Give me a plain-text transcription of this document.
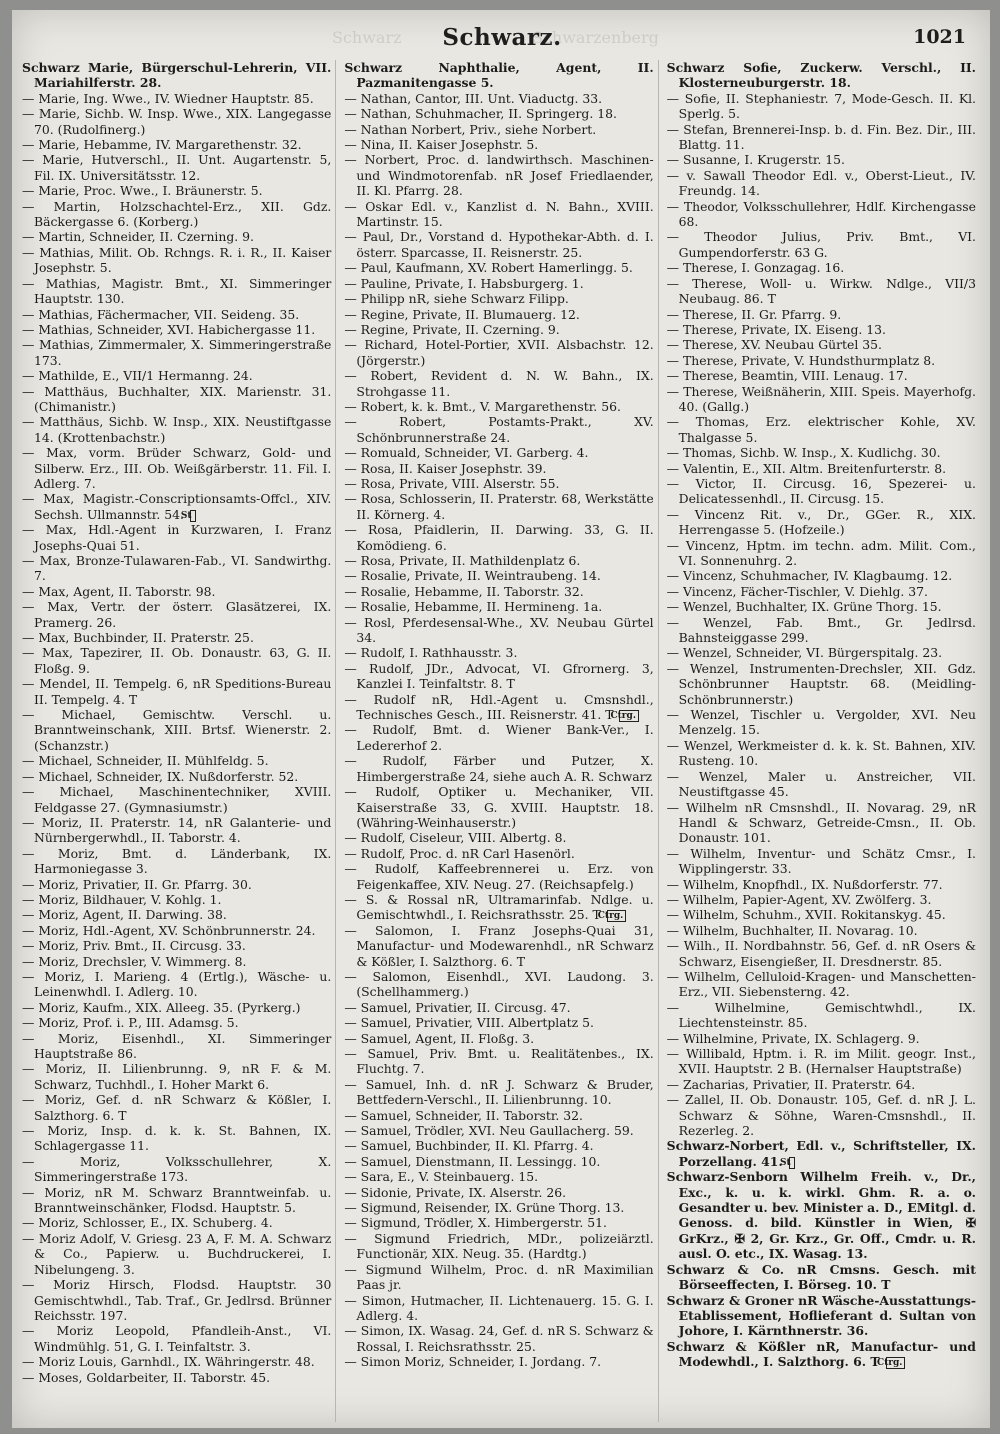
Schwarz	Schwarzenberg
Schwarz.	1021

Schwarz Marie, Bürgerschul-Lehrerin, VII. Mariahilferstr. 28.

— Marie, Ing. Wwe., IV. Wiedner Hauptstr. 85.

— Marie, Sichb. W. Insp. Wwe., XIX. Langegasse 70. (Rudolfinerg.)

— Marie, Hebamme, IV. Margarethenstr. 32.

— Marie, Hutverschl., II. Unt. Augartenstr. 5, Fil. IX. Universitätsstr. 12.

— Marie, Proc. Wwe., I. Bräunerstr. 5.

— Martin, Holzschachtel-Erz., XII. Gdz. Bäckergasse 6. (Korberg.)

— Martin, Schneider, II. Czerning. 9.

— Mathias, Milit. Ob. Rchngs. R. i. R., II. Kaiser Josephstr. 5.

— Mathias, Magistr. Bmt., XI. Simmeringer Hauptstr. 130.

— Mathias, Fächermacher, VII. Seideng. 35.

— Mathias, Schneider, XVI. Habichergasse 11.

— Mathias, Zimmermaler, X. Simmeringerstraße 173.

— Mathilde, E., VII/1 Hermanng. 24.

— Matthäus, Buchhalter, XIX. Marienstr. 31. (Chimanistr.)

— Matthäus, Sichb. W. Insp., XIX. Neustiftgasse 14. (Krottenbachstr.)

— Max, vorm. Brüder Schwarz, Gold- und Silberw. Erz., III. Ob. Weißgärberstr. 11. Fil. I. Adlerg. 7.

— Max, Magistr.-Conscriptionsamts-Offcl., XIV. Sechsh. Ullmannstr. 54. St

— Max, Hdl.-Agent in Kurzwaren, I. Franz Josephs-Quai 51.

— Max, Bronze-Tulawaren-Fab., VI. Sandwirthg. 7.

— Max, Agent, II. Taborstr. 98.

— Max, Vertr. der österr. Glasätzerei, IX. Pramerg. 26.

— Max, Buchbinder, II. Praterstr. 25.

— Max, Tapezirer, II. Ob. Donaustr. 63, G. II. Floßg. 9.

— Mendel, II. Tempelg. 6, nR Speditions-Bureau II. Tempelg. 4. T

— Michael, Gemischtw. Verschl. u. Branntweinschank, XIII. Brtsf. Wienerstr. 2. (Schanzstr.)

— Michael, Schneider, II. Mühlfeldg. 5.

— Michael, Schneider, IX. Nußdorferstr. 52.

— Michael, Maschinentechniker, XVIII. Feldgasse 27. (Gymnasiumstr.)

— Moriz, II. Praterstr. 14, nR Galanterie- und Nürnbergerwhdl., II. Taborstr. 4.

— Moriz, Bmt. d. Länderbank, IX. Harmoniegasse 3.

— Moriz, Privatier, II. Gr. Pfarrg. 30.

— Moriz, Bildhauer, V. Kohlg. 1.

— Moriz, Agent, II. Darwing. 38.

— Moriz, Hdl.-Agent, XV. Schönbrunnerstr. 24.

— Moriz, Priv. Bmt., II. Circusg. 33.

— Moriz, Drechsler, V. Wimmerg. 8.

— Moriz, I. Marieng. 4 (Ertlg.), Wäsche- u. Leinenwhdl. I. Adlerg. 10.

— Moriz, Kaufm., XIX. Alleeg. 35. (Pyrkerg.)

— Moriz, Prof. i. P., III. Adamsg. 5.

— Moriz, Eisenhdl., XI. Simmeringer Hauptstraße 86.

— Moriz, II. Lilienbrunng. 9, nR F. & M. Schwarz, Tuchhdl., I. Hoher Markt 6.

— Moriz, Gef. d. nR Schwarz & Kößler, I. Salzthorg. 6. T

— Moriz, Insp. d. k. k. St. Bahnen, IX. Schlagergasse 11.

— Moriz, Volksschullehrer, X. Simmeringerstraße 173.

— Moriz, nR M. Schwarz Branntweinfab. u. Branntweinschänker, Flodsd. Hauptstr. 5.

— Moriz, Schlosser, E., IX. Schuberg. 4.

— Moriz Adolf, V. Griesg. 23 A, F. M. A. Schwarz & Co., Papierw. u. Buchdruckerei, I. Nibelungeng. 3.

— Moriz Hirsch, Flodsd. Hauptstr. 30 Gemischtwhdl., Tab. Traf., Gr. Jedlrsd. Brünner Reichsstr. 197.

— Moriz Leopold, Pfandleih-Anst., VI. Windmühlg. 51, G. I. Teinfaltstr. 3.

— Moriz Louis, Garnhdl., IX. Währingerstr. 48.

— Moses, Goldarbeiter, II. Taborstr. 45.

Schwarz Naphthalie, Agent, II. Pazmanitengasse 5.

— Nathan, Cantor, III. Unt. Viaductg. 33.

— Nathan, Schuhmacher, II. Springerg. 18.

— Nathan Norbert, Priv., siehe Norbert.

— Nina, II. Kaiser Josephstr. 5.

— Norbert, Proc. d. landwirthsch. Maschinen- und Windmotorenfab. nR Josef Friedlaender, II. Kl. Pfarrg. 28.

— Oskar Edl. v., Kanzlist d. N. Bahn., XVIII. Martinstr. 15.

— Paul, Dr., Vorstand d. Hypothekar-Abth. d. I. österr. Sparcasse, II. Reisnerstr. 25.

— Paul, Kaufmann, XV. Robert Hamerlingg. 5.

— Pauline, Private, I. Habsburgerg. 1.

— Philipp nR, siehe Schwarz Filipp.

— Regine, Private, II. Blumauerg. 12.

— Regine, Private, II. Czerning. 9.

— Richard, Hotel-Portier, XVII. Alsbachstr. 12. (Jörgerstr.)

— Robert, Revident d. N. W. Bahn., IX. Strohgasse 11.

— Robert, k. k. Bmt., V. Margarethenstr. 56.

— Robert, Postamts-Prakt., XV. Schönbrunnerstraße 24.

— Romuald, Schneider, VI. Garberg. 4.

— Rosa, II. Kaiser Josephstr. 39.

— Rosa, Private, VIII. Alserstr. 55.

— Rosa, Schlosserin, II. Praterstr. 68, Werkstätte II. Körnerg. 4.

— Rosa, Pfaidlerin, II. Darwing. 33, G. II. Komödieng. 6.

— Rosa, Private, II. Mathildenplatz 6.

— Rosalie, Private, II. Weintraubeng. 14.

— Rosalie, Hebamme, II. Taborstr. 32.

— Rosalie, Hebamme, II. Hermineng. 1a.

— Rosl, Pferdesensal-Whe., XV. Neubau Gürtel 34.

— Rudolf, I. Rathhausstr. 3.

— Rudolf, JDr., Advocat, VI. Gfrornerg. 3, Kanzlei I. Teinfaltstr. 8. T

— Rudolf nR, Hdl.-Agent u. Cmsnshdl., Technisches Gesch., III. Reisnerstr. 41. T Ctrg.

— Rudolf, Bmt. d. Wiener Bank-Ver., I. Ledererhof 2.

— Rudolf, Färber und Putzer, X. Himbergerstraße 24, siehe auch A. R. Schwarz

— Rudolf, Optiker u. Mechaniker, VII. Kaiserstraße 33, G. XVIII. Hauptstr. 18. (Währing-Weinhauserstr.)

— Rudolf, Ciseleur, VIII. Albertg. 8.

— Rudolf, Proc. d. nR Carl Hasenörl.

— Rudolf, Kaffeebrennerei u. Erz. von Feigenkaffee, XIV. Neug. 27. (Reichsapfelg.)

— S. & Rossal nR, Ultramarinfab. Ndlge. u. Gemischtwhdl., I. Reichsrathsstr. 25. T Ctrg.

— Salomon, I. Franz Josephs-Quai 31, Manufactur- und Modewarenhdl., nR Schwarz & Kößler, I. Salzthorg. 6. T

— Salomon, Eisenhdl., XVI. Laudong. 3. (Schellhammerg.)

— Samuel, Privatier, II. Circusg. 47.

— Samuel, Privatier, VIII. Albertplatz 5.

— Samuel, Agent, II. Floßg. 3.

— Samuel, Priv. Bmt. u. Realitätenbes., IX. Fluchtg. 7.

— Samuel, Inh. d. nR J. Schwarz & Bruder, Bettfedern-Verschl., II. Lilienbrunng. 10.

— Samuel, Schneider, II. Taborstr. 32.

— Samuel, Trödler, XVI. Neu Gaullacherg. 59.

— Samuel, Buchbinder, II. Kl. Pfarrg. 4.

— Samuel, Dienstmann, II. Lessingg. 10.

— Sara, E., V. Steinbauerg. 15.

— Sidonie, Private, IX. Alserstr. 26.

— Sigmund, Reisender, IX. Grüne Thorg. 13.

— Sigmund, Trödler, X. Himbergerstr. 51.

— Sigmund Friedrich, MDr., polizeiärztl. Functionär, XIX. Neug. 35. (Hardtg.)

— Sigmund Wilhelm, Proc. d. nR Maximilian Paas jr.

— Simon, Hutmacher, II. Lichtenauerg. 15. G. I. Adlerg. 4.

— Simon, IX. Wasag. 24, Gef. d. nR S. Schwarz & Rossal, I. Reichsrathsstr. 25.

— Simon Moriz, Schneider, I. Jordang. 7.

Schwarz Sofie, Zuckerw. Verschl., II. Klosterneuburgerstr. 18.

— Sofie, II. Stephaniestr. 7, Mode-Gesch. II. Kl. Sperlg. 5.

— Stefan, Brennerei-Insp. b. d. Fin. Bez. Dir., III. Blattg. 11.

— Susanne, I. Krugerstr. 15.

— v. Sawall Theodor Edl. v., Oberst-Lieut., IV. Freundg. 14.

— Theodor, Volksschullehrer, Hdlf. Kirchengasse 68.

— Theodor Julius, Priv. Bmt., VI. Gumpendorferstr. 63 G.

— Therese, I. Gonzagag. 16.

— Therese, Woll- u. Wirkw. Ndlge., VII/3 Neubaug. 86. T

— Therese, II. Gr. Pfarrg. 9.

— Therese, Private, IX. Eiseng. 13.

— Therese, XV. Neubau Gürtel 35.

— Therese, Private, V. Hundsthurmplatz 8.

— Therese, Beamtin, VIII. Lenaug. 17.

— Therese, Weißnäherin, XIII. Speis. Mayerhofg. 40. (Gallg.)

— Thomas, Erz. elektrischer Kohle, XV. Thalgasse 5.

— Thomas, Sichb. W. Insp., X. Kudlichg. 30.

— Valentin, E., XII. Altm. Breitenfurterstr. 8.

— Victor, II. Circusg. 16, Spezerei- u. Delicatessenhdl., II. Circusg. 15.

— Vincenz Rit. v., Dr., GGer. R., XIX. Herrengasse 5. (Hofzeile.)

— Vincenz, Hptm. im techn. adm. Milit. Com., VI. Sonnenuhrg. 2.

— Vincenz, Schuhmacher, IV. Klagbaumg. 12.

— Vincenz, Fächer-Tischler, V. Diehlg. 37.

— Wenzel, Buchhalter, IX. Grüne Thorg. 15.

— Wenzel, Fab. Bmt., Gr. Jedlrsd. Bahnsteiggasse 299.

— Wenzel, Schneider, VI. Bürgerspitalg. 23.

— Wenzel, Instrumenten-Drechsler, XII. Gdz. Schönbrunner Hauptstr. 68. (Meidling-Schönbrunnerstr.)

— Wenzel, Tischler u. Vergolder, XVI. Neu Menzelg. 15.

— Wenzel, Werkmeister d. k. k. St. Bahnen, XIV. Rusteng. 10.

— Wenzel, Maler u. Anstreicher, VII. Neustiftgasse 45.

— Wilhelm nR Cmsnshdl., II. Novarag. 29, nR Handl & Schwarz, Getreide-Cmsn., II. Ob. Donaustr. 101.

— Wilhelm, Inventur- und Schätz Cmsr., I. Wipplingerstr. 33.

— Wilhelm, Knopfhdl., IX. Nußdorferstr. 77.

— Wilhelm, Papier-Agent, XV. Zwölferg. 3.

— Wilhelm, Schuhm., XVII. Rokitanskyg. 45.

— Wilhelm, Buchhalter, II. Novarag. 10.

— Wilh., II. Nordbahnstr. 56, Gef. d. nR Osers & Schwarz, Eisengießer, II. Dresdnerstr. 85.

— Wilhelm, Celluloid-Kragen- und Manschetten-Erz., VII. Siebensterng. 42.

— Wilhelmine, Gemischtwhdl., IX. Liechtensteinstr. 85.

— Wilhelmine, Private, IX. Schlagerg. 9.

— Willibald, Hptm. i. R. im Milit. geogr. Inst., XVII. Hauptstr. 2 B. (Hernalser Hauptstraße)

— Zacharias, Privatier, II. Praterstr. 64.

— Zallel, II. Ob. Donaustr. 105, Gef. d. nR J. L. Schwarz & Söhne, Waren-Cmsnshdl., II. Rezerleg. 2.

Schwarz-Norbert, Edl. v., Schriftsteller, IX. Porzellang. 41. St

Schwarz-Senborn Wilhelm Freih. v., Dr., Exc., k. u. k. wirkl. Ghm. R. a. o. Gesandter u. bev. Minister a. D., EMitgl. d. Genoss. d. bild. Künstler in Wien, ✠ GrKrz., ✠ 2, Gr. Krz., Gr. Off., Cmdr. u. R. ausl. O. etc., IX. Wasag. 13.

Schwarz & Co. nR Cmsns. Gesch. mit Börseeffecten, I. Börseg. 10. T

Schwarz & Groner nR Wäsche-Ausstattungs-Etablissement, Hoflieferant d. Sultan von Johore, I. Kärnthnerstr. 36.

Schwarz & Kößler nR, Manufactur- und Modewhdl., I. Salzthorg. 6. T Ctrg.
